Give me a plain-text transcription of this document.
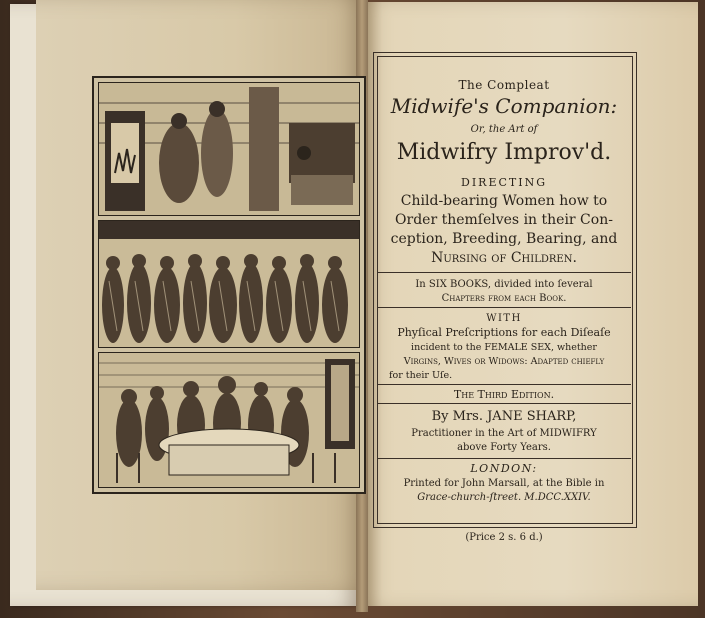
The Compleat
Midwife's Companion:
Or, the Art of
Midwifry Improv'd.
DIRECTING
Child-bearing Women how to
Order themſelves in their Con-
ception, Breeding, Bearing, and
Nurſing of Children.
In SIX BOOKS, divided into ſeveral
Chapters from each Book.
WITH
Phyſical Preſcriptions for each Diſeaſe
incident to the FEMALE SEX, whether
Virgins, Wives or Widows: Adapted chiefly
for their Uſe.
The Third Edition.
By Mrs. JANE SHARP,
Practitioner in the Art of MIDWIFRY
above Forty Years.
LONDON:
Printed for John Marsall, at the Bible in
Grace-church-ſtreet. M.DCC.XXIV.
(Price 2 s. 6 d.)
